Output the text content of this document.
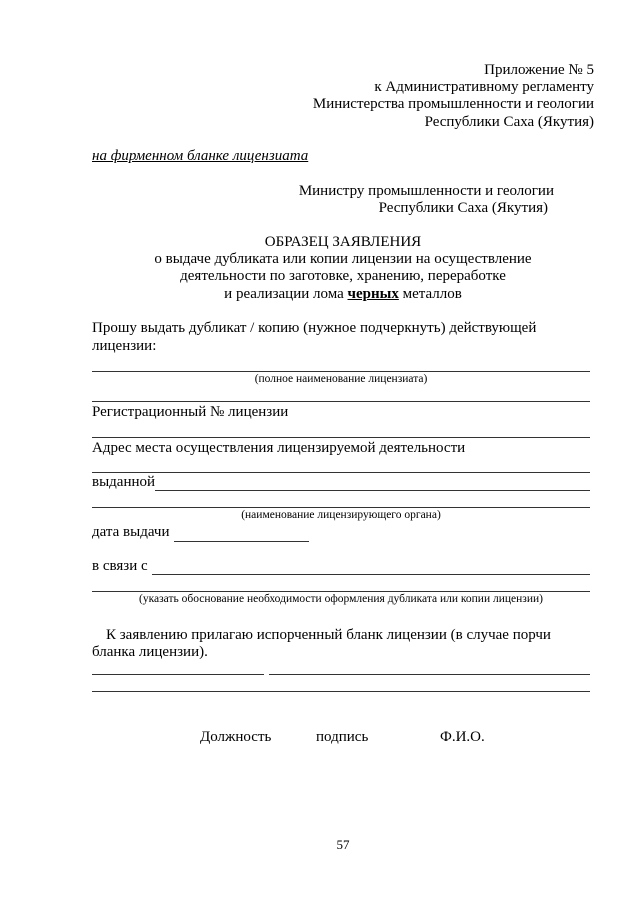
Приложение № 5
к Административному регламенту
Министерства промышленности и геологии
Республики Саха (Якутия)
на фирменном бланке лицензиата
Министру промышленности и геологии
Республики Саха (Якутия)
ОБРАЗЕЦ ЗАЯВЛЕНИЯ
о выдаче дубликата или копии лицензии на осуществление
деятельности по заготовке, хранению, переработке
и реализации лома черных металлов
Прошу выдать дубликат / копию (нужное подчеркнуть) действующей
лицензии:
(полное наименование лицензиата)
Регистрационный № лицензии
Адрес места осуществления лицензируемой деятельности
выданной
(наименование лицензирующего органа)
дата выдачи
в связи с
(указать обоснование необходимости оформления дубликата или копии лицензии)
К заявлению прилагаю испорченный бланк лицензии (в случае порчи
бланка лицензии).
Должность	подпись	Ф.И.О.
57
